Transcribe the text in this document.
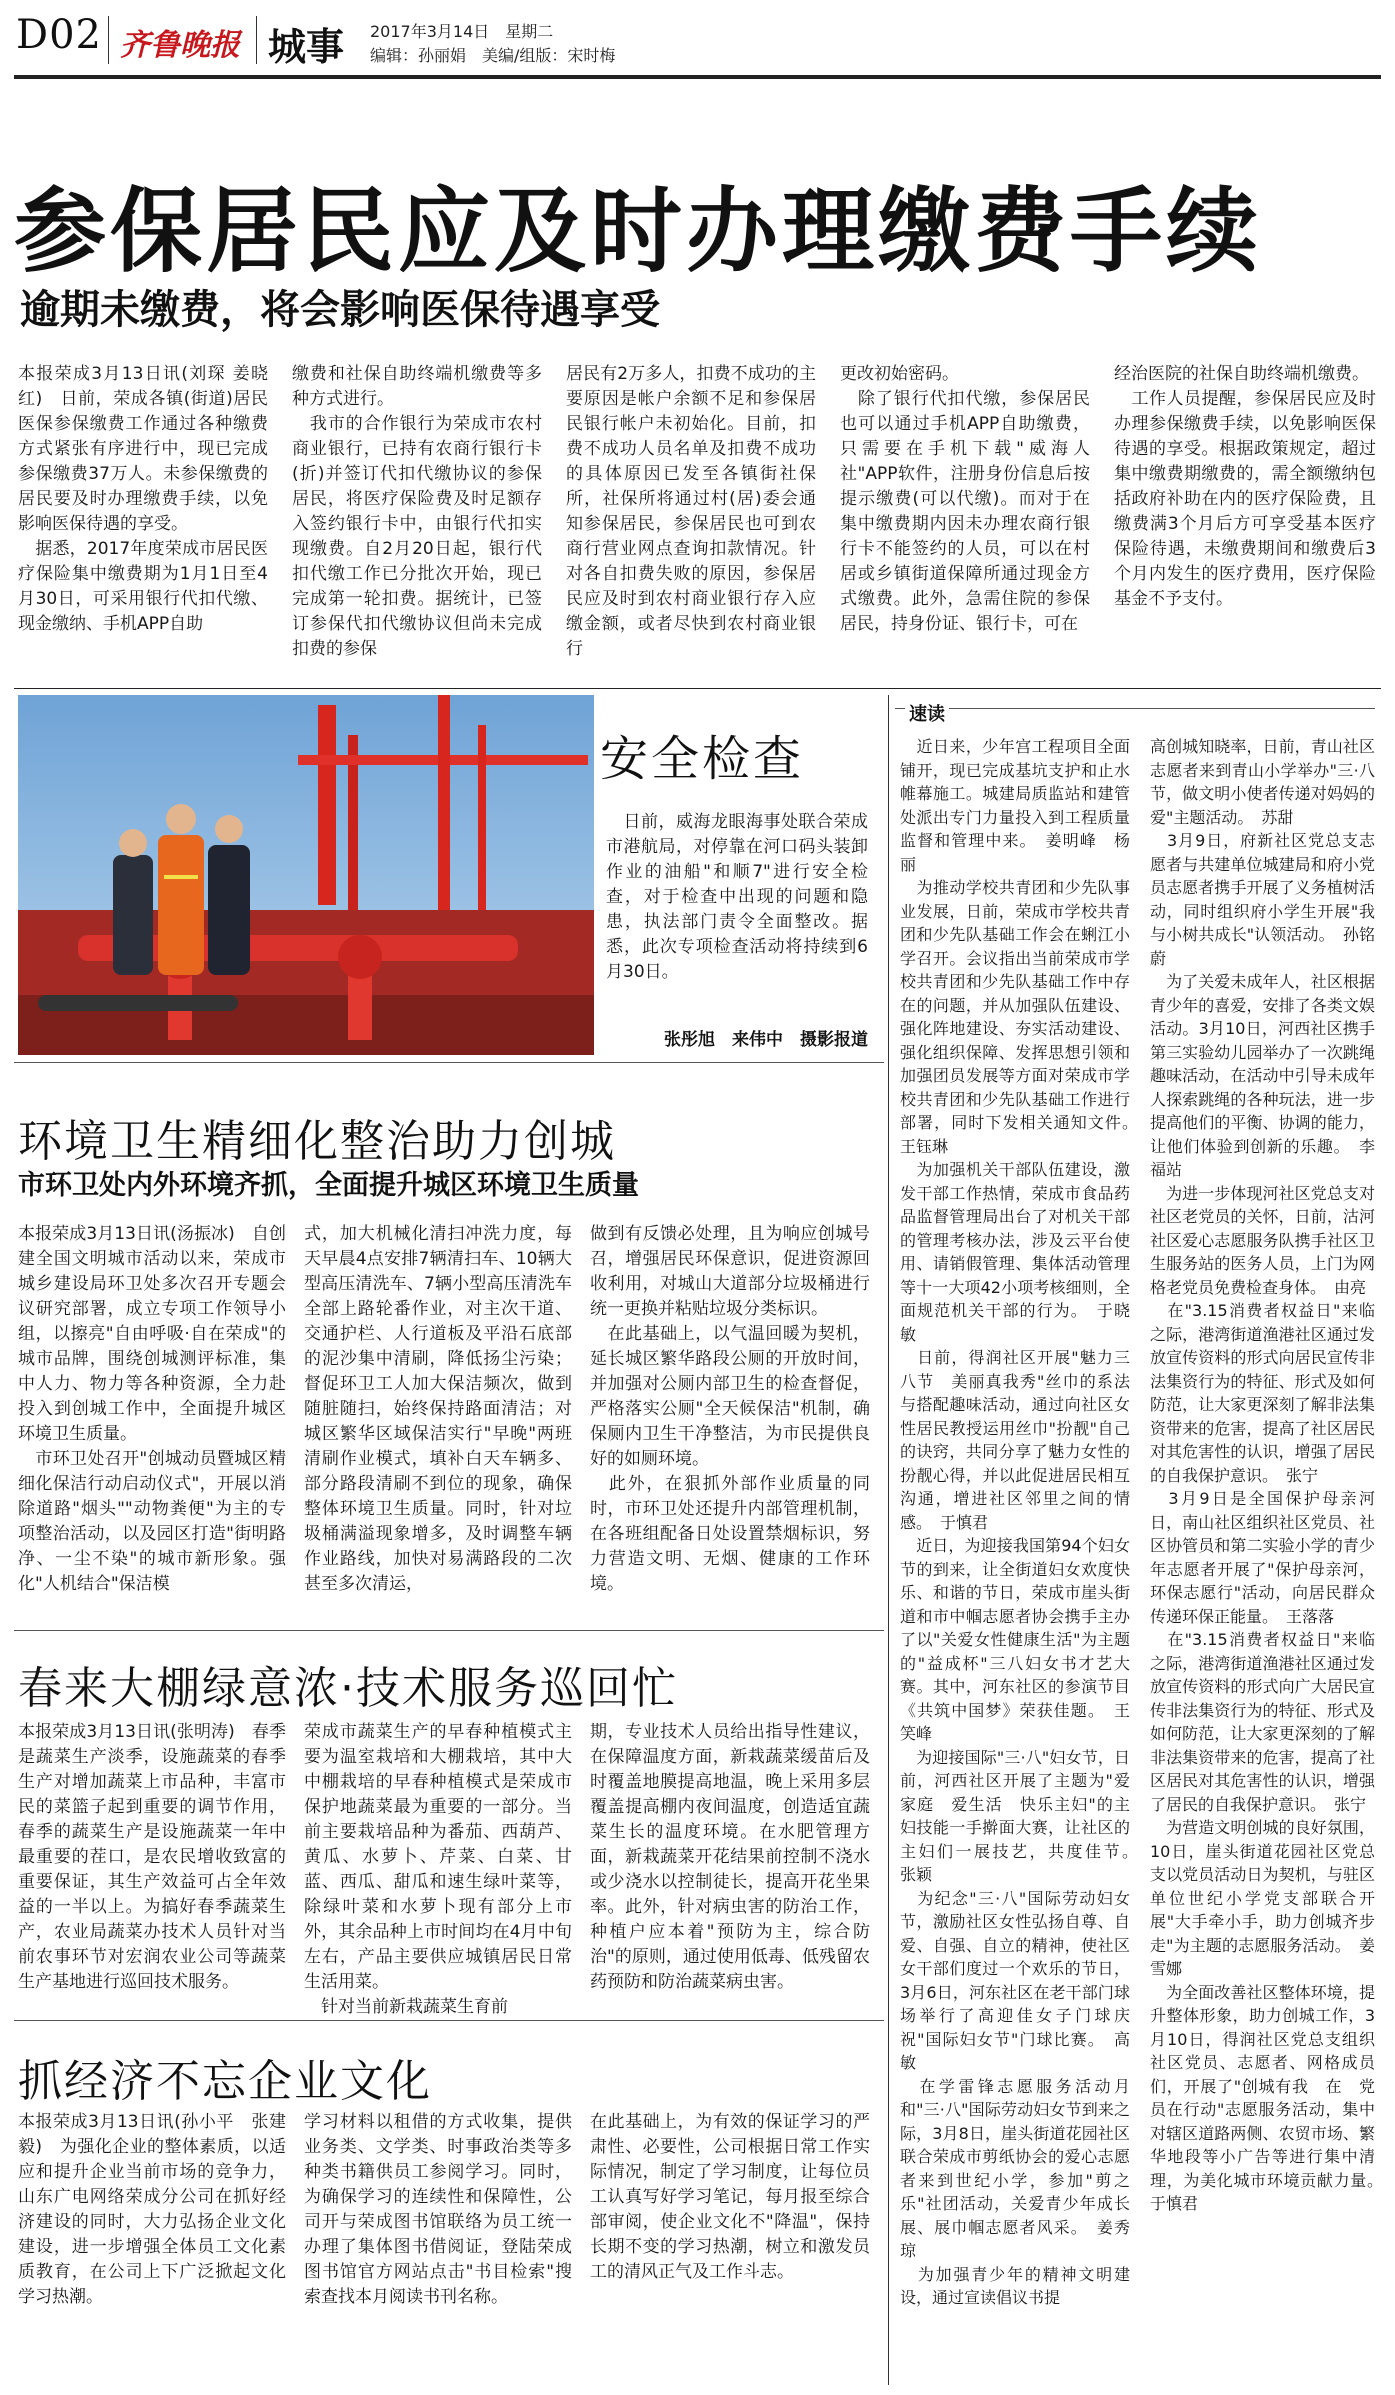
D02 齐鲁晚报 城事 2017年3月14日　星期二
编辑：孙丽娟　美编/组版：宋时梅
参保居民应及时办理缴费手续
逾期未缴费，将会影响医保待遇享受
本报荣成3月13日讯(刘琛 姜晓红)　日前，荣成各镇(街道)居民医保参保缴费工作通过各种缴费方式紧张有序进行中，现已完成参保缴费37万人。未参保缴费的居民要及时办理缴费手续，以免影响医保待遇的享受。
　据悉，2017年度荣成市居民医疗保险集中缴费期为1月1日至4月30日，可采用银行代扣代缴、现金缴纳、手机APP自助
缴费和社保自助终端机缴费等多种方式进行。
　我市的合作银行为荣成市农村商业银行，已持有农商行银行卡(折)并签订代扣代缴协议的参保居民，将医疗保险费及时足额存入签约银行卡中，由银行代扣实现缴费。自2月20日起，银行代扣代缴工作已分批次开始，现已完成第一轮扣费。据统计，已签订参保代扣代缴协议但尚未完成扣费的参保
居民有2万多人，扣费不成功的主要原因是帐户余额不足和参保居民银行帐户未初始化。目前，扣费不成功人员名单及扣费不成功的具体原因已发至各镇街社保所，社保所将通过村(居)委会通知参保居民，参保居民也可到农商行营业网点查询扣款情况。针对各自扣费失败的原因，参保居民应及时到农村商业银行存入应缴金额，或者尽快到农村商业银行
更改初始密码。
　除了银行代扣代缴，参保居民也可以通过手机APP自助缴费，只需要在手机下载"威海人社"APP软件，注册身份信息后按提示缴费(可以代缴)。而对于在集中缴费期内因未办理农商行银行卡不能签约的人员，可以在村居或乡镇街道保障所通过现金方式缴费。此外，急需住院的参保居民，持身份证、银行卡，可在
经治医院的社保自助终端机缴费。
　工作人员提醒，参保居民应及时办理参保缴费手续，以免影响医保待遇的享受。根据政策规定，超过集中缴费期缴费的，需全额缴纳包括政府补助在内的医疗保险费，且缴费满3个月后方可享受基本医疗保险待遇，未缴费期间和缴费后3个月内发生的医疗费用，医疗保险基金不予支付。
安全检查
　日前，威海龙眼海事处联合荣成市港航局，对停靠在河口码头装卸作业的油船"和顺7"进行安全检查，对于检查中出现的问题和隐患，执法部门责令全面整改。据悉，此次专项检查活动将持续到6月30日。
张彤旭　来伟中　摄影报道
速读
　近日来，少年宫工程项目全面铺开，现已完成基坑支护和止水帷幕施工。城建局质监站和建管处派出专门力量投入到工程质量监督和管理中来。　姜明峰　杨丽
　为推动学校共青团和少先队事业发展，日前，荣成市学校共青团和少先队基础工作会在蜊江小学召开。会议指出当前荣成市学校共青团和少先队基础工作中存在的问题，并从加强队伍建设、强化阵地建设、夯实活动建设、强化组织保障、发挥思想引领和加强团员发展等方面对荣成市学校共青团和少先队基础工作进行部署，同时下发相关通知文件。　王钰琳
　为加强机关干部队伍建设，激发干部工作热情，荣成市食品药品监督管理局出台了对机关干部的管理考核办法，涉及云平台使用、请销假管理、集体活动管理等十一大项42小项考核细则，全面规范机关干部的行为。　于晓敏
　日前，得润社区开展"魅力三八节　美丽真我秀"丝巾的系法与搭配趣味活动，通过向社区女性居民教授运用丝巾"扮靓"自己的诀窍，共同分享了魅力女性的扮靓心得，并以此促进居民相互沟通，增进社区邻里之间的情感。　于慎君
　近日，为迎接我国第94个妇女节的到来，让全街道妇女欢度快乐、和谐的节日，荣成市崖头街道和市中帼志愿者协会携手主办了以"关爱女性健康生活"为主题的"益成杯"三八妇女书才艺大赛。其中，河东社区的参演节目《共筑中国梦》荣获佳题。　王笑峰
　为迎接国际"三·八"妇女节，日前，河西社区开展了主题为"爱家庭　爱生活　快乐主妇"的主妇技能一手擀面大赛，让社区的主妇们一展技艺，共度佳节。　张颖
　为纪念"三·八"国际劳动妇女节，激励社区女性弘扬自尊、自爱、自强、自立的精神，使社区女干部们度过一个欢乐的节日，3月6日，河东社区在老干部门球场举行了高迎佳女子门球庆祝"国际妇女节"门球比赛。　高敏
　在学雷锋志愿服务活动月和"三·八"国际劳动妇女节到来之际，3月8日，崖头街道花园社区联合荣成市剪纸协会的爱心志愿者来到世纪小学，参加"剪之乐"社团活动，关爱青少年成长展、展巾帼志愿者风采。　姜秀琼
　为加强青少年的精神文明建设，通过宣读倡议书提
高创城知晓率，日前，青山社区志愿者来到青山小学举办"三·八节，做文明小使者传递对妈妈的爱"主题活动。　苏甜
　3月9日，府新社区党总支志愿者与共建单位城建局和府小党员志愿者携手开展了义务植树活动，同时组织府小学生开展"我与小树共成长"认领活动。　孙铭蔚
　为了关爱未成年人，社区根据青少年的喜爱，安排了各类文娱活动。3月10日，河西社区携手第三实验幼儿园举办了一次跳绳趣味活动，在活动中引导未成年人探索跳绳的各种玩法，进一步提高他们的平衡、协调的能力，让他们体验到创新的乐趣。　李福站
　为进一步体现河社区党总支对社区老党员的关怀，日前，沽河社区爱心志愿服务队携手社区卫生服务站的医务人员，上门为网格老党员免费检查身体。　由亮
　在"3.15消费者权益日"来临之际，港湾街道渔港社区通过发放宣传资料的形式向居民宣传非法集资行为的特征、形式及如何防范，让大家更深刻了解非法集资带来的危害，提高了社区居民对其危害性的认识，增强了居民的自我保护意识。　张宁
　3月9日是全国保护母亲河日，南山社区组织社区党员、社区协管员和第二实验小学的青少年志愿者开展了"保护母亲河，环保志愿行"活动，向居民群众传递环保正能量。　王落落
　在"3.15消费者权益日"来临之际，港湾街道渔港社区通过发放宣传资料的形式向广大居民宣传非法集资行为的特征、形式及如何防范，让大家更深刻的了解非法集资带来的危害，提高了社区居民对其危害性的认识，增强了居民的自我保护意识。　张宁
　为营造文明创城的良好氛围，10日，崖头街道花园社区党总支以党员活动日为契机，与驻区单位世纪小学党支部联合开展"大手牵小手，助力创城齐步走"为主题的志愿服务活动。　姜雪娜
　为全面改善社区整体环境，提升整体形象，助力创城工作，3月10日，得润社区党总支组织社区党员、志愿者、网格成员们，开展了"创城有我　在　党员在行动"志愿服务活动，集中对辖区道路两侧、农贸市场、繁华地段等小广告等进行集中清理，为美化城市环境贡献力量。　于慎君
环境卫生精细化整治助力创城
市环卫处内外环境齐抓，全面提升城区环境卫生质量
本报荣成3月13日讯(汤振冰)　自创建全国文明城市活动以来，荣成市城乡建设局环卫处多次召开专题会议研究部署，成立专项工作领导小组，以擦亮"自由呼吸·自在荣成"的城市品牌，围绕创城测评标准，集中人力、物力等各种资源，全力赴投入到创城工作中，全面提升城区环境卫生质量。
　市环卫处召开"创城动员暨城区精细化保洁行动启动仪式"，开展以消除道路"烟头""动物粪便"为主的专项整治活动，以及园区打造"街明路净、一尘不染"的城市新形象。强化"人机结合"保洁模
式，加大机械化清扫冲洗力度，每天早晨4点安排7辆清扫车、10辆大型高压清洗车、7辆小型高压清洗车全部上路轮番作业，对主次干道、交通护栏、人行道板及平沿石底部的泥沙集中清刷，降低扬尘污染；督促环卫工人加大保洁频次，做到随脏随扫，始终保持路面清洁；对城区繁华区域保洁实行"早晚"两班清刷作业模式，填补白天车辆多、部分路段清刷不到位的现象，确保整体环境卫生质量。同时，针对垃圾桶满溢现象增多，及时调整车辆作业路线，加快对易满路段的二次甚至多次清运，
做到有反馈必处理，且为响应创城号召，增强居民环保意识，促进资源回收利用，对城山大道部分垃圾桶进行统一更换并粘贴垃圾分类标识。
　在此基础上，以气温回暖为契机，延长城区繁华路段公厕的开放时间，并加强对公厕内部卫生的检查督促，严格落实公厕"全天候保洁"机制，确保厕内卫生干净整洁，为市民提供良好的如厕环境。
　此外，在狠抓外部作业质量的同时，市环卫处还提升内部管理机制，在各班组配备日处设置禁烟标识，努力营造文明、无烟、健康的工作环境。
春来大棚绿意浓·技术服务巡回忙
本报荣成3月13日讯(张明涛)　春季是蔬菜生产淡季，设施蔬菜的春季生产对增加蔬菜上市品种，丰富市民的菜篮子起到重要的调节作用，春季的蔬菜生产是设施蔬菜一年中最重要的茬口，是农民增收致富的重要保证，其生产效益可占全年效益的一半以上。为搞好春季蔬菜生产，农业局蔬菜办技术人员针对当前农事环节对宏润农业公司等蔬菜生产基地进行巡回技术服务。
荣成市蔬菜生产的早春种植模式主要为温室栽培和大棚栽培，其中大中棚栽培的早春种植模式是荣成市保护地蔬菜最为重要的一部分。当前主要栽培品种为番茄、西葫芦、黄瓜、水萝卜、芹菜、白菜、甘蓝、西瓜、甜瓜和速生绿叶菜等，除绿叶菜和水萝卜现有部分上市外，其余品种上市时间均在4月中旬左右，产品主要供应城镇居民日常生活用菜。
　针对当前新栽蔬菜生育前
期，专业技术人员给出指导性建议，在保障温度方面，新栽蔬菜缓苗后及时覆盖地膜提高地温，晚上采用多层覆盖提高棚内夜间温度，创造适宜蔬菜生长的温度环境。在水肥管理方面，新栽蔬菜开花结果前控制不浇水或少浇水以控制徒长，提高开花坐果率。此外，针对病虫害的防治工作，种植户应本着"预防为主，综合防治"的原则，通过使用低毒、低残留农药预防和防治蔬菜病虫害。
抓经济不忘企业文化
本报荣成3月13日讯(孙小平　张建毅)　为强化企业的整体素质，以适应和提升企业当前市场的竞争力，山东广电网络荣成分公司在抓好经济建设的同时，大力弘扬企业文化建设，进一步增强全体员工文化素质教育，在公司上下广泛掀起文化学习热潮。
学习材料以租借的方式收集，提供业务类、文学类、时事政治类等多种类书籍供员工参阅学习。同时，为确保学习的连续性和保障性，公司开与荣成图书馆联络为员工统一办理了集体图书借阅证，登陆荣成图书馆官方网站点击"书目检索"搜索查找本月阅读书刊名称。
在此基础上，为有效的保证学习的严肃性、必要性，公司根据日常工作实际情况，制定了学习制度，让每位员工认真写好学习笔记，每月报至综合部审阅，使企业文化不"降温"，保持长期不变的学习热潮，树立和激发员工的清风正气及工作斗志。
